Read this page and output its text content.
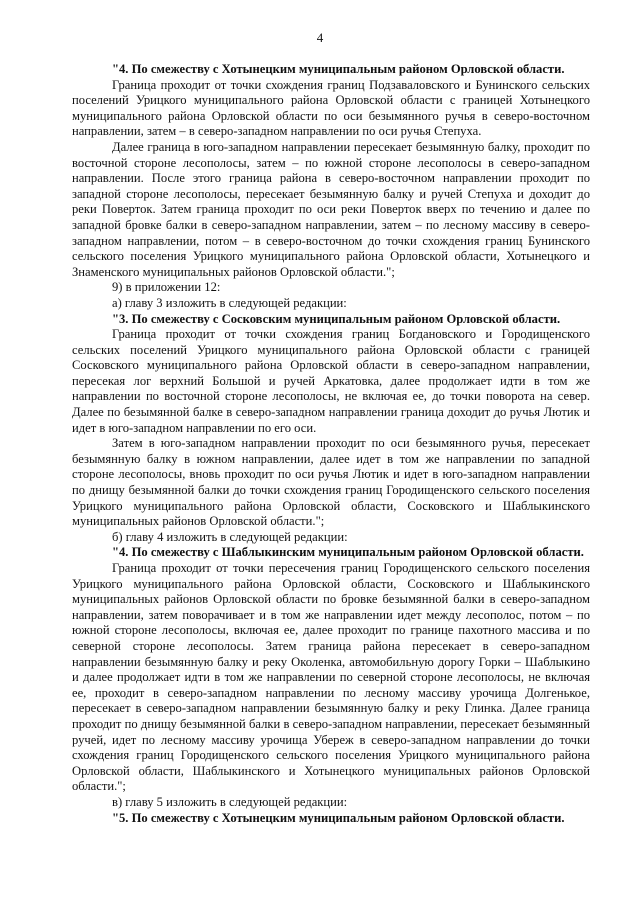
4

"4. По смежеству с Хотынецким муниципальным районом Орловской области.

Граница проходит от точки схождения границ Подзаваловского и Бунинского сельских поселений Урицкого муниципального района Орловской области с границей Хотынецкого муниципального района Орловской области по оси безымянного ручья в северо-восточном направлении, затем – в северо-западном направлении по оси ручья Степуха.

Далее граница в юго-западном направлении пересекает безымянную балку, проходит по восточной стороне лесополосы, затем – по южной стороне лесополосы в северо-западном направлении. После этого граница района в северо-восточном направлении проходит по западной стороне лесополосы, пересекает безымянную балку и ручей Степуха и доходит до реки Поверток. Затем граница проходит по оси реки Поверток вверх по течению и далее по западной бровке балки в северо-западном направлении, затем – по лесному массиву в северо-западном направлении, потом – в северо-восточном до точки схождения границ Бунинского сельского поселения Урицкого муниципального района Орловской области, Хотынецкого и Знаменского муниципальных районов Орловской области.";

9) в приложении 12:

а) главу 3 изложить в следующей редакции:

"3. По смежеству с Сосковским муниципальным районом Орловской области.

Граница проходит от точки схождения границ Богдановского и Городищенского сельских поселений Урицкого муниципального района Орловской области с границей Сосковского муниципального района Орловской области в северо-западном направлении, пересекая лог верхний Большой и ручей Аркатовка, далее продолжает идти в том же направлении по восточной стороне лесополосы, не включая ее, до точки поворота на север. Далее по безымянной балке в северо-западном направлении граница доходит до ручья Лютик и идет в юго-западном направлении по его оси.

Затем в юго-западном направлении проходит по оси безымянного ручья, пересекает безымянную балку в южном направлении, далее идет в том же направлении по западной стороне лесополосы, вновь проходит по оси ручья Лютик и идет в юго-западном направлении по днищу безымянной балки до точки схождения границ Городищенского сельского поселения Урицкого муниципального района Орловской области, Сосковского и Шаблыкинского муниципальных районов Орловской области.";

б) главу 4 изложить в следующей редакции:

"4. По смежеству с Шаблыкинским муниципальным районом Орловской области.

Граница проходит от точки пересечения границ Городищенского сельского поселения Урицкого муниципального района Орловской области, Сосковского и Шаблыкинского муниципальных районов Орловской области по бровке безымянной балки в северо-западном направлении, затем поворачивает и в том же направлении идет между лесополос, потом – по южной стороне лесополосы, включая ее, далее проходит по границе пахотного массива и по северной стороне лесополосы. Затем граница района пересекает в северо-западном направлении безымянную балку и реку Околенка, автомобильную дорогу Горки – Шаблыкино и далее продолжает идти в том же направлении по северной стороне лесополосы, не включая ее, проходит в северо-западном направлении по лесному массиву урочища Долгенькое, пересекает в северо-западном направлении безымянную балку и реку Глинка. Далее граница проходит по днищу безымянной балки в северо-западном направлении, пересекает безымянный ручей, идет по лесному массиву урочища Убереж в северо-западном направлении до точки схождения границ Городищенского сельского поселения Урицкого муниципального района Орловской области, Шаблыкинского и Хотынецкого муниципальных районов Орловской области.";

в) главу 5 изложить в следующей редакции:

"5. По смежеству с Хотынецким муниципальным районом Орловской области.
